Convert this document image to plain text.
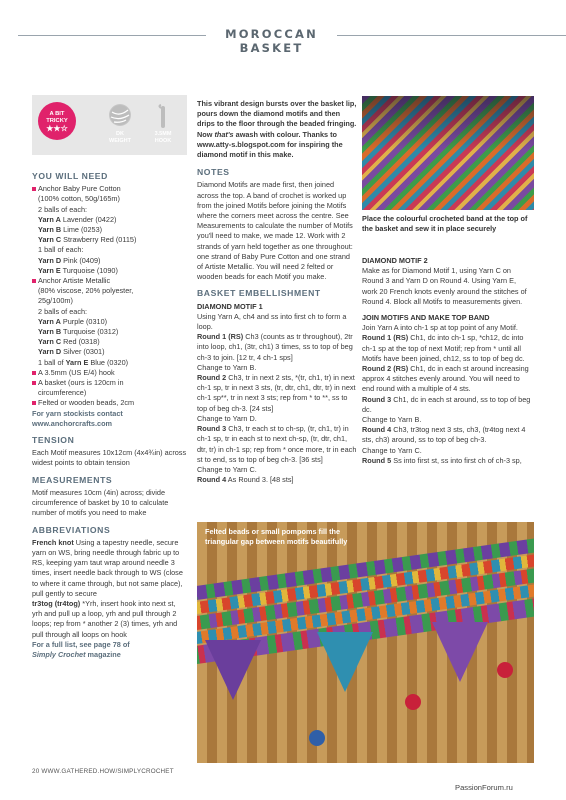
MOROCCAN BASKET
A BIT
TRICKY
★★☆
DK WEIGHT
3.5MM HOOK
YOU WILL NEED
Anchor Baby Pure Cotton
(100% cotton, 50g/165m)
2 balls of each:
Yarn A Lavender (0422)
Yarn B Lime (0253)
Yarn C Strawberry Red (0115)
1 ball of each:
Yarn D Pink (0409)
Yarn E Turquoise (1090)
Anchor Artiste Metallic
(80% viscose, 20% polyester,
25g/100m)
2 balls of each:
Yarn A Purple (0310)
Yarn B Turquoise (0312)
Yarn C Red (0318)
Yarn D Silver (0301)
1 ball of Yarn E Blue (0320)
A 3.5mm (US E/4) hook
A basket (ours is 120cm in
circumference)
Felted or wooden beads, 2cm
For yarn stockists contact
www.anchorcrafts.com
TENSION
Each Motif measures 10x12cm (4x4¾in) across widest points to obtain tension
MEASUREMENTS
Motif measures 10cm (4in) across; divide circumference of basket by 10 to calculate number of motifs you need to make
ABBREVIATIONS
French knot Using a tapestry needle, secure yarn on WS, bring needle through fabric up to RS, keeping yarn taut wrap around needle 3 times, insert needle back through to WS (close to where it came through, but not same place), pull gently to secure
tr3tog (tr4tog) *Yrh, insert hook into next st, yrh and pull up a loop, yrh and pull through 2 loops; rep from * another 2 (3) times, yrh and pull through all loops on hook
For a full list, see page 78 of
Simply Crochet magazine
This vibrant design bursts over the basket lip, pours down the diamond motifs and then drips to the floor through the beaded fringing. Now that's awash with colour. Thanks to www.atty-s.blogspot.com for inspiring the diamond motif in this make.
NOTES
Diamond Motifs are made first, then joined across the top. A band of crochet is worked up from the joined Motifs before joining the Motifs where the corners meet across the centre. See Measurements to calculate the number of Motifs you'll need to make, we made 12. Work with 2 strands of yarn held together as one throughout: one strand of Baby Pure Cotton and one strand of Artiste Metallic. You will need 2 felted or wooden beads for each Motif you make.
BASKET EMBELLISHMENT
DIAMOND MOTIF 1
Using Yarn A, ch4 and ss into first ch to form a loop.
Round 1 (RS) Ch3 (counts as tr throughout), 2tr into loop, ch1, (3tr, ch1) 3 times, ss to top of beg ch-3 to join. [12 tr, 4 ch-1 sps]
Change to Yarn B.
Round 2 Ch3, tr in next 2 sts, *(tr, ch1, tr) in next ch-1 sp, tr in next 3 sts, (tr, dtr, ch1, dtr, tr) in next ch-1 sp**, tr in next 3 sts; rep from * to **, ss to top of beg ch-3. [24 sts]
Change to Yarn D.
Round 3 Ch3, tr each st to ch-sp, (tr, ch1, tr) in ch-1 sp, tr in each st to next ch-sp, (tr, dtr, ch1, dtr, tr) in ch-1 sp; rep from * once more, tr in each st to end, ss to top of beg ch-3. [36 sts]
Change to Yarn C.
Round 4 As Round 3. [48 sts]
Place the colourful crocheted band at the top of the basket and sew it in place securely
DIAMOND MOTIF 2
Make as for Diamond Motif 1, using Yarn C on Round 3 and Yarn D on Round 4. Using Yarn E, work 20 French knots evenly around the stitches of Round 4. Block all Motifs to measurements given.
JOIN MOTIFS AND MAKE TOP BAND
Join Yarn A into ch-1 sp at top point of any Motif.
Round 1 (RS) Ch1, dc into ch-1 sp, *ch12, dc into ch-1 sp at the top of next Motif; rep from * until all Motifs have been joined, ch12, ss to top of beg dc.
Round 2 (RS) Ch1, dc in each st around increasing approx 4 stitches evenly around. You will need to end round with a multiple of 4 sts.
Round 3 Ch1, dc in each st around, ss to top of beg dc.
Change to Yarn B.
Round 4 Ch3, tr3tog next 3 sts, ch3, (tr4tog next 4 sts, ch3) around, ss to top of beg ch-3.
Change to Yarn C.
Round 5 Ss into first st, ss into first ch of ch-3 sp,
Felted beads or small pompoms fill the triangular gap between motifs beautifully
20 WWW.GATHERED.HOW/SIMPLYCROCHET
PassionForum.ru
